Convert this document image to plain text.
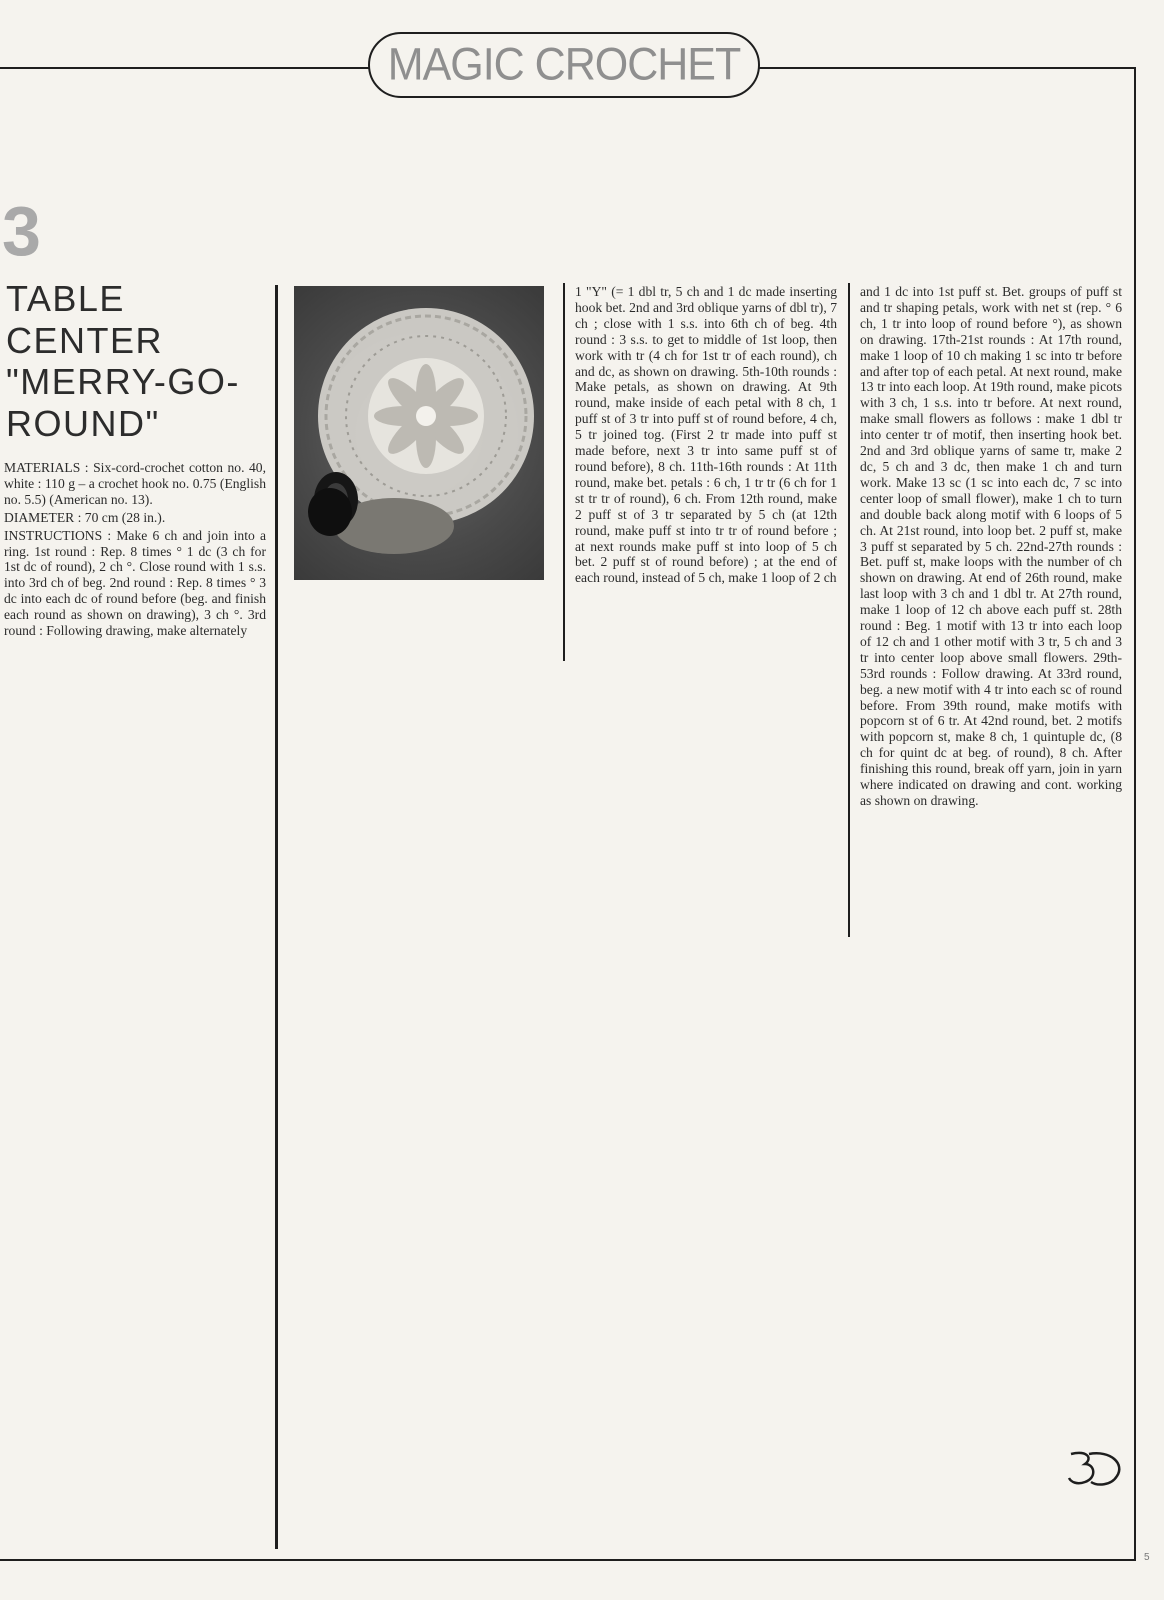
MAGIC CROCHET
3
TABLE CENTER "MERRY-GO-ROUND"

MATERIALS : Six-cord-crochet cotton no. 40, white : 110 g – a crochet hook no. 0.75 (English no. 5.5) (American no. 13).

DIAMETER : 70 cm (28 in.).

INSTRUCTIONS : Make 6 ch and join into a ring. 1st round : Rep. 8 times ° 1 dc (3 ch for 1st dc of round), 2 ch °. Close round with 1 s.s. into 3rd ch of beg. 2nd round : Rep. 8 times ° 3 dc into each dc of round before (beg. and finish each round as shown on drawing), 3 ch °. 3rd round : Following drawing, make alternately

1 "Y" (= 1 dbl tr, 5 ch and 1 dc made inserting hook bet. 2nd and 3rd oblique yarns of dbl tr), 7 ch ; close with 1 s.s. into 6th ch of beg. 4th round : 3 s.s. to get to middle of 1st loop, then work with tr (4 ch for 1st tr of each round), ch and dc, as shown on drawing. 5th-10th rounds : Make petals, as shown on drawing. At 9th round, make inside of each petal with 8 ch, 1 puff st of 3 tr into puff st of round before, 4 ch, 5 tr joined tog. (First 2 tr made into puff st made before, next 3 tr into same puff st of round before), 8 ch. 11th-16th rounds : At 11th round, make bet. petals : 6 ch, 1 tr tr (6 ch for 1 st tr tr of round), 6 ch. From 12th round, make 2 puff st of 3 tr separated by 5 ch (at 12th round, make puff st into tr tr of round before ; at next rounds make puff st into loop of 5 ch bet. 2 puff st of round before) ; at the end of each round, instead of 5 ch, make 1 loop of 2 ch

and 1 dc into 1st puff st. Bet. groups of puff st and tr shaping petals, work with net st (rep. ° 6 ch, 1 tr into loop of round before °), as shown on drawing. 17th-21st rounds : At 17th round, make 1 loop of 10 ch making 1 sc into tr before and after top of each petal. At next round, make 13 tr into each loop. At 19th round, make picots with 3 ch, 1 s.s. into tr before. At next round, make small flowers as follows : make 1 dbl tr into center tr of motif, then inserting hook bet. 2nd and 3rd oblique yarns of same tr, make 2 dc, 5 ch and 3 dc, then make 1 ch and turn work. Make 13 sc (1 sc into each dc, 7 sc into center loop of small flower), make 1 ch to turn and double back along motif with 6 loops of 5 ch. At 21st round, into loop bet. 2 puff st, make 3 puff st separated by 5 ch. 22nd-27th rounds : Bet. puff st, make loops with the number of ch shown on drawing. At end of 26th round, make last loop with 3 ch and 1 dbl tr. At 27th round, make 1 loop of 12 ch above each puff st. 28th round : Beg. 1 motif with 13 tr into each loop of 12 ch and 1 other motif with 3 tr, 5 ch and 3 tr into center loop above small flowers. 29th-53rd rounds : Follow drawing. At 33rd round, beg. a new motif with 4 tr into each sc of round before. From 39th round, make motifs with popcorn st of 6 tr. At 42nd round, bet. 2 motifs with popcorn st, make 8 ch, 1 quintuple dc, (8 ch for quint dc at beg. of round), 8 ch. After finishing this round, break off yarn, join in yarn where indicated on drawing and cont. working as shown on drawing.

5
